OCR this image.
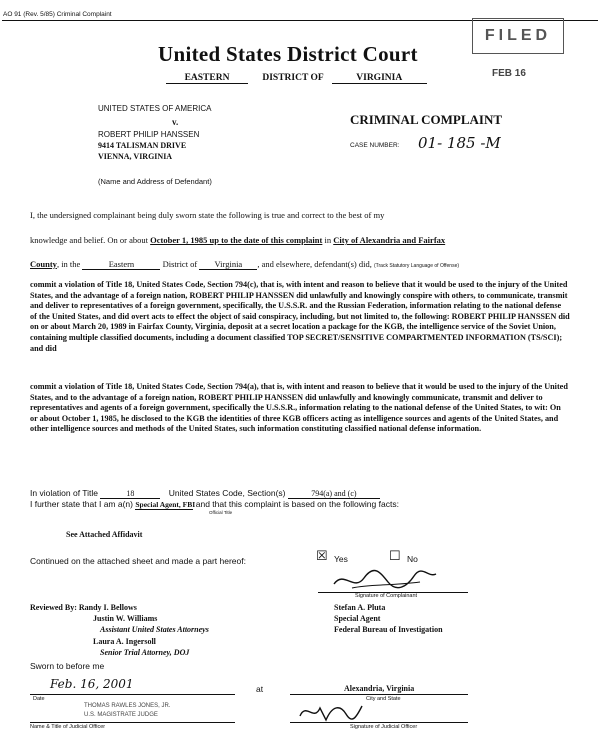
AO 91 (Rev. 5/85) Criminal Complaint
United States District Court
EASTERN	DISTRICT OF	VIRGINIA
FILED
FEB 16
UNITED STATES OF AMERICA
v.
ROBERT PHILIP HANSSEN
9414 TALISMAN DRIVE
VIENNA, VIRGINIA
(Name and Address of Defendant)
CRIMINAL COMPLAINT
CASE NUMBER: 01- 185 -M
I, the undersigned complainant being duly sworn state the following is true and correct to the best of my
knowledge and belief. On or about October 1, 1985 up to the date of this complaint in City of Alexandria and Fairfax
County, in the	Eastern	District of Virginia , and elsewhere, defendant(s) did, (Track Statutory Language of Offense)
commit a violation of Title 18, United States Code, Section 794(c), that is, with intent and reason to believe that it would be used to the injury of the United States, and the advantage of a foreign nation, ROBERT PHILIP HANSSEN did unlawfully and knowingly conspire with others, to communicate, transmit and deliver to representatives of a foreign government, specifically, the U.S.S.R. and the Russian Federation, information relating to the national defense of the United States, and did overt acts to effect the object of said conspiracy, including, but not limited to, the following: ROBERT PHILIP HANSSEN did on or about March 20, 1989 in Fairfax County, Virginia, deposit at a secret location a package for the KGB, the intelligence service of the Soviet Union, containing multiple classified documents, including a document classified TOP SECRET/SENSITIVE COMPARTMENTED INFORMATION (TS/SCI); and did
commit a violation of Title 18, United States Code, Section 794(a), that is, with intent and reason to believe that it would be used to the injury of the United States, and to the advantage of a foreign nation, ROBERT PHILIP HANSSEN did unlawfully and knowingly communicate, transmit and deliver to representatives and agents of a foreign government, specifically the U.S.S.R., information relating to the national defense of the United States, to wit: On or about October 1, 1985, he disclosed to the KGB the identities of three KGB officers acting as intelligence sources and agents of the United States, and other intelligence sources and methods of the United States, such information constituting classified national defense information.
In violation of Title	18	United States Code, Section(s)	794(a) and (c)
I further state that I am a(n) Special Agent, FBI and that this complaint is based on the following facts:
Official Title
See Attached Affidavit
Continued on the attached sheet and made a part hereof:	☒ Yes	☐ No
Signature of Complainant
Reviewed By: Randy I. Bellows
Justin W. Williams
Assistant United States Attorneys
Laura A. Ingersoll
Senior Trial Attorney, DOJ
Stefan A. Pluta
Special Agent
Federal Bureau of Investigation
Sworn to before me
Feb. 16, 2001	at	Alexandria, Virginia
Date	City and State
THOMAS RAWLES JONES, JR.
U.S. MAGISTRATE JUDGE
Name & Title of Judicial Officer	Signature of Judicial Officer
